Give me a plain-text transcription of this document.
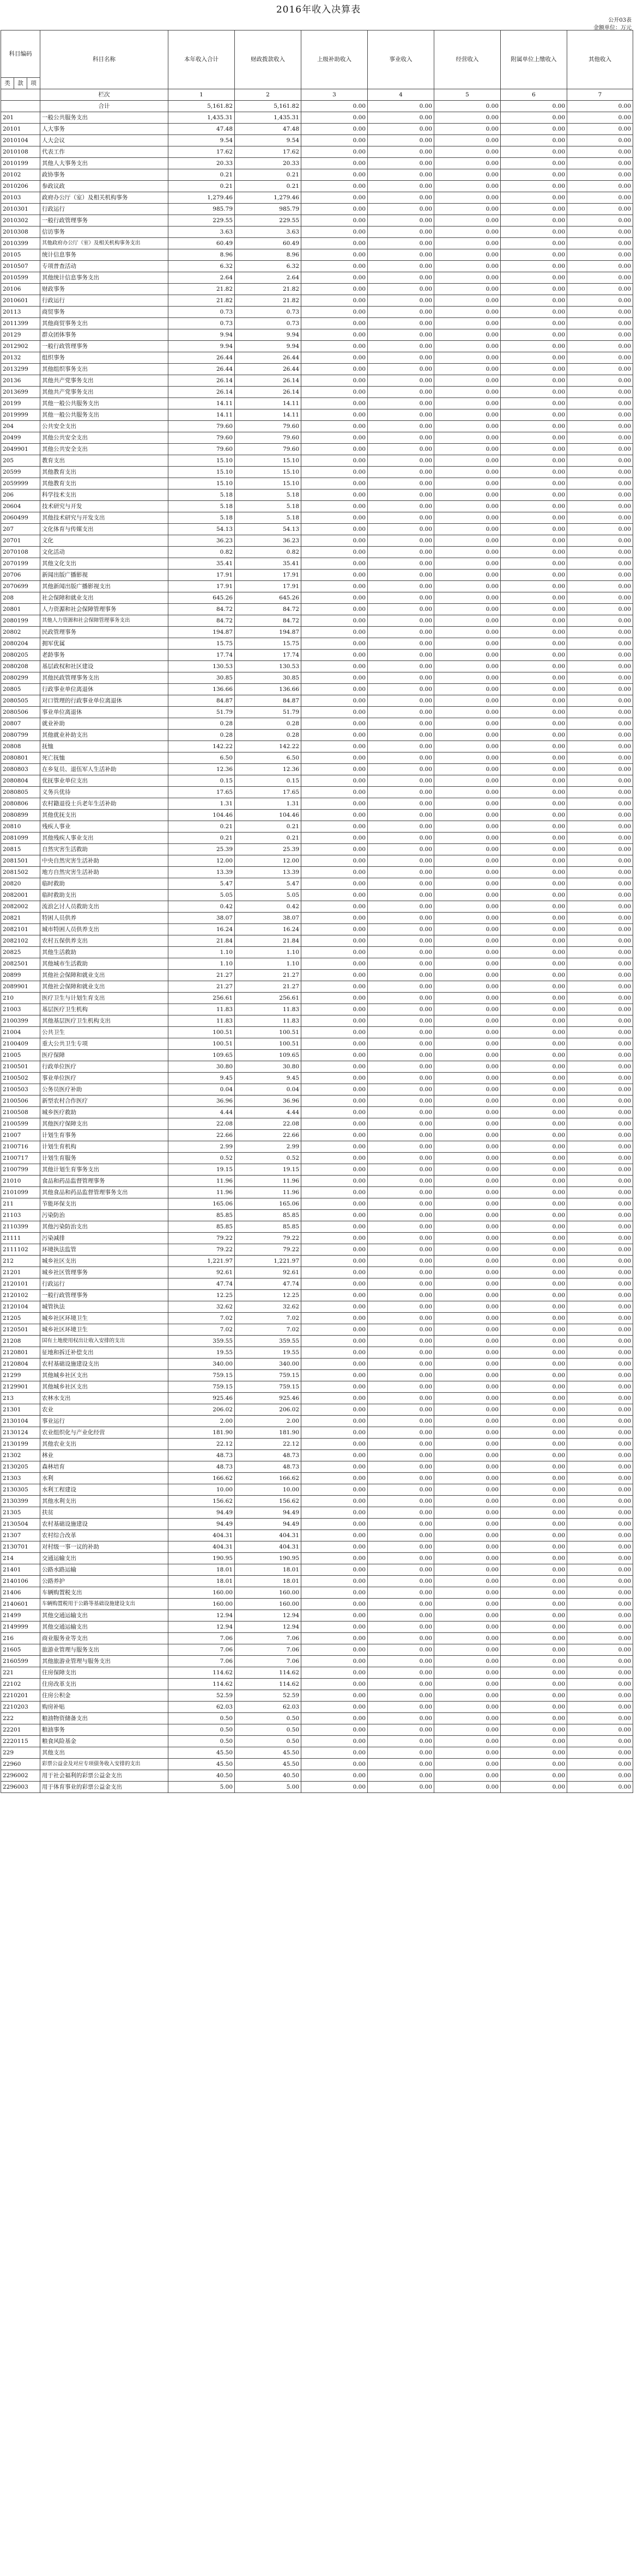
2016年收入决算表
公开03表
金额单位：万元
科目编码			科目名称	本年收入合计	财政拨款收入	上级补助收入	事业收入	经营收入	附属单位上缴收入	其他收入
类	款	项								
			栏次	1	2	3	4	5	6	7
			合计	5,161.82	5,161.82	0.00	0.00	0.00	0.00	0.00
201			一般公共服务支出	1,435.31	1,435.31	0.00	0.00	0.00	0.00	0.00
20101			人大事务	47.48	47.48	0.00	0.00	0.00	0.00	0.00
2010104			人大会议	9.54	9.54	0.00	0.00	0.00	0.00	0.00
2010108			代表工作	17.62	17.62	0.00	0.00	0.00	0.00	0.00
2010199			其他人大事务支出	20.33	20.33	0.00	0.00	0.00	0.00	0.00
20102			政协事务	0.21	0.21	0.00	0.00	0.00	0.00	0.00
2010206			参政议政	0.21	0.21	0.00	0.00	0.00	0.00	0.00
20103			政府办公厅（室）及相关机构事务	1,279.46	1,279.46	0.00	0.00	0.00	0.00	0.00
2010301			行政运行	985.79	985.79	0.00	0.00	0.00	0.00	0.00
2010302			一般行政管理事务	229.55	229.55	0.00	0.00	0.00	0.00	0.00
2010308			信访事务	3.63	3.63	0.00	0.00	0.00	0.00	0.00
2010399			其他政府办公厅（室）及相关机构事务支出	60.49	60.49	0.00	0.00	0.00	0.00	0.00
20105			统计信息事务	8.96	8.96	0.00	0.00	0.00	0.00	0.00
2010507			专项普查活动	6.32	6.32	0.00	0.00	0.00	0.00	0.00
2010599			其他统计信息事务支出	2.64	2.64	0.00	0.00	0.00	0.00	0.00
20106			财政事务	21.82	21.82	0.00	0.00	0.00	0.00	0.00
2010601			行政运行	21.82	21.82	0.00	0.00	0.00	0.00	0.00
20113			商贸事务	0.73	0.73	0.00	0.00	0.00	0.00	0.00
2011399			其他商贸事务支出	0.73	0.73	0.00	0.00	0.00	0.00	0.00
20129			群众团体事务	9.94	9.94	0.00	0.00	0.00	0.00	0.00
2012902			一般行政管理事务	9.94	9.94	0.00	0.00	0.00	0.00	0.00
20132			组织事务	26.44	26.44	0.00	0.00	0.00	0.00	0.00
2013299			其他组织事务支出	26.44	26.44	0.00	0.00	0.00	0.00	0.00
20136			其他共产党事务支出	26.14	26.14	0.00	0.00	0.00	0.00	0.00
2013699			其他共产党事务支出	26.14	26.14	0.00	0.00	0.00	0.00	0.00
20199			其他一般公共服务支出	14.11	14.11	0.00	0.00	0.00	0.00	0.00
2019999			其他一般公共服务支出	14.11	14.11	0.00	0.00	0.00	0.00	0.00
204			公共安全支出	79.60	79.60	0.00	0.00	0.00	0.00	0.00
20499			其他公共安全支出	79.60	79.60	0.00	0.00	0.00	0.00	0.00
2049901			其他公共安全支出	79.60	79.60	0.00	0.00	0.00	0.00	0.00
205			教育支出	15.10	15.10	0.00	0.00	0.00	0.00	0.00
20599			其他教育支出	15.10	15.10	0.00	0.00	0.00	0.00	0.00
2059999			其他教育支出	15.10	15.10	0.00	0.00	0.00	0.00	0.00
206			科学技术支出	5.18	5.18	0.00	0.00	0.00	0.00	0.00
20604			技术研究与开发	5.18	5.18	0.00	0.00	0.00	0.00	0.00
2060499			其他技术研究与开发支出	5.18	5.18	0.00	0.00	0.00	0.00	0.00
207			文化体育与传媒支出	54.13	54.13	0.00	0.00	0.00	0.00	0.00
20701			文化	36.23	36.23	0.00	0.00	0.00	0.00	0.00
2070108			文化活动	0.82	0.82	0.00	0.00	0.00	0.00	0.00
2070199			其他文化支出	35.41	35.41	0.00	0.00	0.00	0.00	0.00
20706			新闻出版广播影视	17.91	17.91	0.00	0.00	0.00	0.00	0.00
2070699			其他新闻出版广播影视支出	17.91	17.91	0.00	0.00	0.00	0.00	0.00
208			社会保障和就业支出	645.26	645.26	0.00	0.00	0.00	0.00	0.00
20801			人力资源和社会保障管理事务	84.72	84.72	0.00	0.00	0.00	0.00	0.00
2080199			其他人力资源和社会保障管理事务支出	84.72	84.72	0.00	0.00	0.00	0.00	0.00
20802			民政管理事务	194.87	194.87	0.00	0.00	0.00	0.00	0.00
2080204			拥军优属	15.75	15.75	0.00	0.00	0.00	0.00	0.00
2080205			老龄事务	17.74	17.74	0.00	0.00	0.00	0.00	0.00
2080208			基层政权和社区建设	130.53	130.53	0.00	0.00	0.00	0.00	0.00
2080299			其他民政管理事务支出	30.85	30.85	0.00	0.00	0.00	0.00	0.00
20805			行政事业单位离退休	136.66	136.66	0.00	0.00	0.00	0.00	0.00
2080505			对口管理的行政事业单位离退休	84.87	84.87	0.00	0.00	0.00	0.00	0.00
2080506			事业单位离退休	51.79	51.79	0.00	0.00	0.00	0.00	0.00
20807			就业补助	0.28	0.28	0.00	0.00	0.00	0.00	0.00
2080799			其他就业补助支出	0.28	0.28	0.00	0.00	0.00	0.00	0.00
20808			抚恤	142.22	142.22	0.00	0.00	0.00	0.00	0.00
2080801			死亡抚恤	6.50	6.50	0.00	0.00	0.00	0.00	0.00
2080803			在乡复员、退伍军人生活补助	12.36	12.36	0.00	0.00	0.00	0.00	0.00
2080804			优抚事业单位支出	0.15	0.15	0.00	0.00	0.00	0.00	0.00
2080805			义务兵优待	17.65	17.65	0.00	0.00	0.00	0.00	0.00
2080806			农村籍退役士兵老年生活补助	1.31	1.31	0.00	0.00	0.00	0.00	0.00
2080899			其他优抚支出	104.46	104.46	0.00	0.00	0.00	0.00	0.00
20810			残疾人事业	0.21	0.21	0.00	0.00	0.00	0.00	0.00
2081099			其他残疾人事业支出	0.21	0.21	0.00	0.00	0.00	0.00	0.00
20815			自然灾害生活救助	25.39	25.39	0.00	0.00	0.00	0.00	0.00
2081501			中央自然灾害生活补助	12.00	12.00	0.00	0.00	0.00	0.00	0.00
2081502			地方自然灾害生活补助	13.39	13.39	0.00	0.00	0.00	0.00	0.00
20820			临时救助	5.47	5.47	0.00	0.00	0.00	0.00	0.00
2082001			临时救助支出	5.05	5.05	0.00	0.00	0.00	0.00	0.00
2082002			流浪乞讨人员救助支出	0.42	0.42	0.00	0.00	0.00	0.00	0.00
20821			特困人员供养	38.07	38.07	0.00	0.00	0.00	0.00	0.00
2082101			城市特困人员供养支出	16.24	16.24	0.00	0.00	0.00	0.00	0.00
2082102			农村五保供养支出	21.84	21.84	0.00	0.00	0.00	0.00	0.00
20825			其他生活救助	1.10	1.10	0.00	0.00	0.00	0.00	0.00
2082501			其他城市生活救助	1.10	1.10	0.00	0.00	0.00	0.00	0.00
20899			其他社会保障和就业支出	21.27	21.27	0.00	0.00	0.00	0.00	0.00
2089901			其他社会保障和就业支出	21.27	21.27	0.00	0.00	0.00	0.00	0.00
210			医疗卫生与计划生育支出	256.61	256.61	0.00	0.00	0.00	0.00	0.00
21003			基层医疗卫生机构	11.83	11.83	0.00	0.00	0.00	0.00	0.00
2100399			其他基层医疗卫生机构支出	11.83	11.83	0.00	0.00	0.00	0.00	0.00
21004			公共卫生	100.51	100.51	0.00	0.00	0.00	0.00	0.00
2100409			重大公共卫生专项	100.51	100.51	0.00	0.00	0.00	0.00	0.00
21005			医疗保障	109.65	109.65	0.00	0.00	0.00	0.00	0.00
2100501			行政单位医疗	30.80	30.80	0.00	0.00	0.00	0.00	0.00
2100502			事业单位医疗	9.45	9.45	0.00	0.00	0.00	0.00	0.00
2100503			公务员医疗补助	0.04	0.04	0.00	0.00	0.00	0.00	0.00
2100506			新型农村合作医疗	36.96	36.96	0.00	0.00	0.00	0.00	0.00
2100508			城乡医疗救助	4.44	4.44	0.00	0.00	0.00	0.00	0.00
2100599			其他医疗保障支出	22.08	22.08	0.00	0.00	0.00	0.00	0.00
21007			计划生育事务	22.66	22.66	0.00	0.00	0.00	0.00	0.00
2100716			计划生育机构	2.99	2.99	0.00	0.00	0.00	0.00	0.00
2100717			计划生育服务	0.52	0.52	0.00	0.00	0.00	0.00	0.00
2100799			其他计划生育事务支出	19.15	19.15	0.00	0.00	0.00	0.00	0.00
21010			食品和药品监督管理事务	11.96	11.96	0.00	0.00	0.00	0.00	0.00
2101099			其他食品和药品监督管理事务支出	11.96	11.96	0.00	0.00	0.00	0.00	0.00
211			节能环保支出	165.06	165.06	0.00	0.00	0.00	0.00	0.00
21103			污染防治	85.85	85.85	0.00	0.00	0.00	0.00	0.00
2110399			其他污染防治支出	85.85	85.85	0.00	0.00	0.00	0.00	0.00
21111			污染减排	79.22	79.22	0.00	0.00	0.00	0.00	0.00
2111102			环境执法监管	79.22	79.22	0.00	0.00	0.00	0.00	0.00
212			城乡社区支出	1,221.97	1,221.97	0.00	0.00	0.00	0.00	0.00
21201			城乡社区管理事务	92.61	92.61	0.00	0.00	0.00	0.00	0.00
2120101			行政运行	47.74	47.74	0.00	0.00	0.00	0.00	0.00
2120102			一般行政管理事务	12.25	12.25	0.00	0.00	0.00	0.00	0.00
2120104			城管执法	32.62	32.62	0.00	0.00	0.00	0.00	0.00
21205			城乡社区环境卫生	7.02	7.02	0.00	0.00	0.00	0.00	0.00
2120501			城乡社区环境卫生	7.02	7.02	0.00	0.00	0.00	0.00	0.00
21208			国有土地使用权出让收入安排的支出	359.55	359.55	0.00	0.00	0.00	0.00	0.00
2120801			征地和拆迁补偿支出	19.55	19.55	0.00	0.00	0.00	0.00	0.00
2120804			农村基础设施建设支出	340.00	340.00	0.00	0.00	0.00	0.00	0.00
21299			其他城乡社区支出	759.15	759.15	0.00	0.00	0.00	0.00	0.00
2129901			其他城乡社区支出	759.15	759.15	0.00	0.00	0.00	0.00	0.00
213			农林水支出	925.46	925.46	0.00	0.00	0.00	0.00	0.00
21301			农业	206.02	206.02	0.00	0.00	0.00	0.00	0.00
2130104			事业运行	2.00	2.00	0.00	0.00	0.00	0.00	0.00
2130124			农业组织化与产业化经营	181.90	181.90	0.00	0.00	0.00	0.00	0.00
2130199			其他农业支出	22.12	22.12	0.00	0.00	0.00	0.00	0.00
21302			林业	48.73	48.73	0.00	0.00	0.00	0.00	0.00
2130205			森林培育	48.73	48.73	0.00	0.00	0.00	0.00	0.00
21303			水利	166.62	166.62	0.00	0.00	0.00	0.00	0.00
2130305			水利工程建设	10.00	10.00	0.00	0.00	0.00	0.00	0.00
2130399			其他水利支出	156.62	156.62	0.00	0.00	0.00	0.00	0.00
21305			扶贫	94.49	94.49	0.00	0.00	0.00	0.00	0.00
2130504			农村基础设施建设	94.49	94.49	0.00	0.00	0.00	0.00	0.00
21307			农村综合改革	404.31	404.31	0.00	0.00	0.00	0.00	0.00
2130701			对村级一事一议的补助	404.31	404.31	0.00	0.00	0.00	0.00	0.00
214			交通运输支出	190.95	190.95	0.00	0.00	0.00	0.00	0.00
21401			公路水路运输	18.01	18.01	0.00	0.00	0.00	0.00	0.00
2140106			公路养护	18.01	18.01	0.00	0.00	0.00	0.00	0.00
21406			车辆购置税支出	160.00	160.00	0.00	0.00	0.00	0.00	0.00
2140601			车辆购置税用于公路等基础设施建设支出	160.00	160.00	0.00	0.00	0.00	0.00	0.00
21499			其他交通运输支出	12.94	12.94	0.00	0.00	0.00	0.00	0.00
2149999			其他交通运输支出	12.94	12.94	0.00	0.00	0.00	0.00	0.00
216			商业服务业等支出	7.06	7.06	0.00	0.00	0.00	0.00	0.00
21605			旅游业管理与服务支出	7.06	7.06	0.00	0.00	0.00	0.00	0.00
2160599			其他旅游业管理与服务支出	7.06	7.06	0.00	0.00	0.00	0.00	0.00
221			住房保障支出	114.62	114.62	0.00	0.00	0.00	0.00	0.00
22102			住房改革支出	114.62	114.62	0.00	0.00	0.00	0.00	0.00
2210201			住房公积金	52.59	52.59	0.00	0.00	0.00	0.00	0.00
2210203			购房补贴	62.03	62.03	0.00	0.00	0.00	0.00	0.00
222			粮油物资储备支出	0.50	0.50	0.00	0.00	0.00	0.00	0.00
22201			粮油事务	0.50	0.50	0.00	0.00	0.00	0.00	0.00
2220115			粮食风险基金	0.50	0.50	0.00	0.00	0.00	0.00	0.00
229			其他支出	45.50	45.50	0.00	0.00	0.00	0.00	0.00
22960			彩票公益金及对应专项债务收入安排的支出	45.50	45.50	0.00	0.00	0.00	0.00	0.00
2296002			用于社会福利的彩票公益金支出	40.50	40.50	0.00	0.00	0.00	0.00	0.00
2296003			用于体育事业的彩票公益金支出	5.00	5.00	0.00	0.00	0.00	0.00	0.00
